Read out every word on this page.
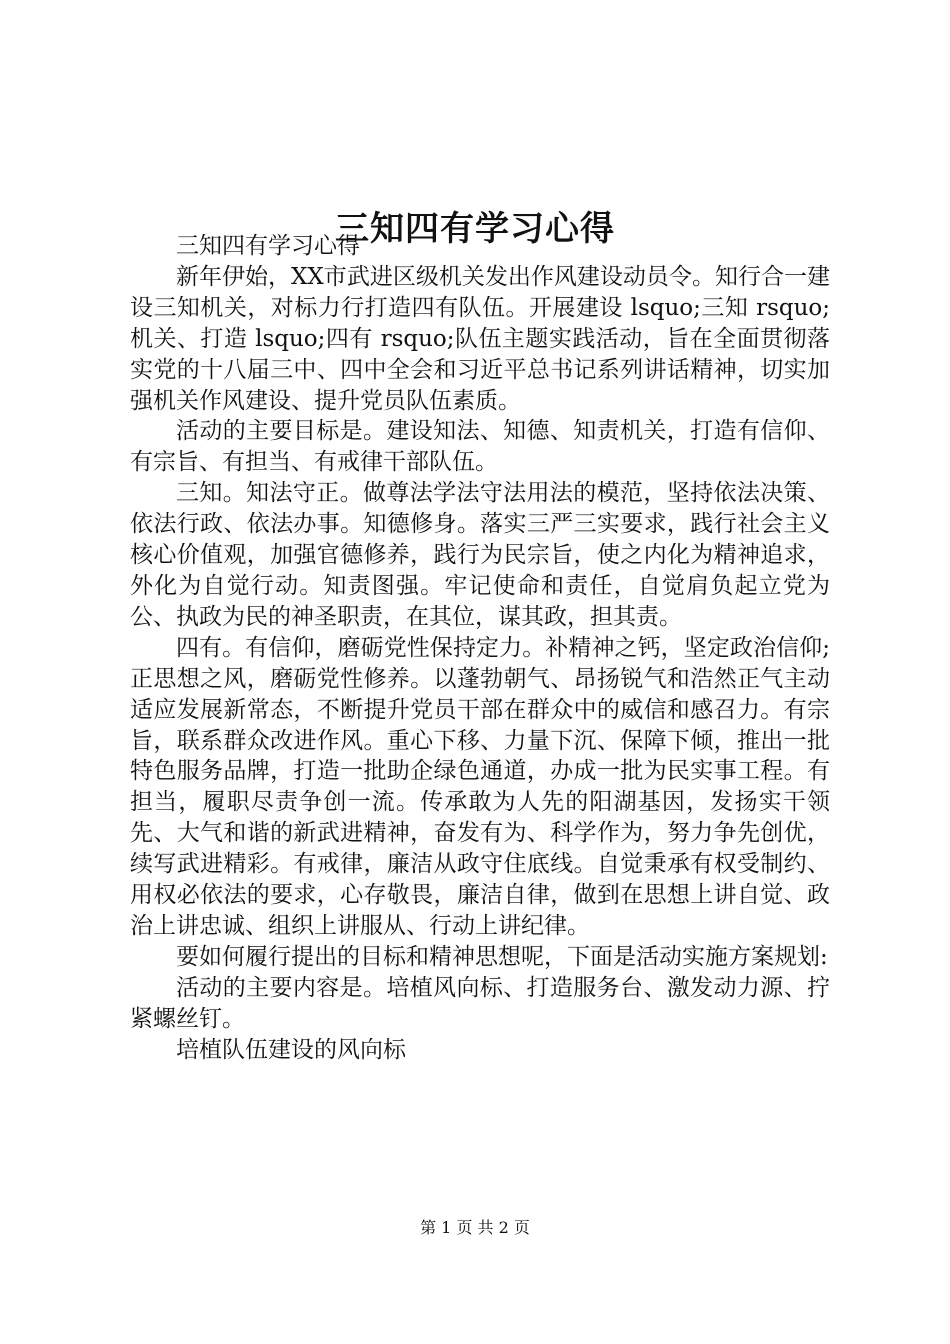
三知四有学习心得

三知四有学习心得

新年伊始，XX市武进区级机关发出作风建设动员令。知行合一建设三知机关，对标力行打造四有队伍。开展建设 lsquo;三知 rsquo;机关、打造 lsquo;四有 rsquo;队伍主题实践活动，旨在全面贯彻落实党的十八届三中、四中全会和习近平总书记系列讲话精神，切实加强机关作风建设、提升党员队伍素质。

活动的主要目标是。建设知法、知德、知责机关，打造有信仰、有宗旨、有担当、有戒律干部队伍。

三知。知法守正。做尊法学法守法用法的模范，坚持依法决策、依法行政、依法办事。知德修身。落实三严三实要求，践行社会主义核心价值观，加强官德修养，践行为民宗旨，使之内化为精神追求，外化为自觉行动。知责图强。牢记使命和责任，自觉肩负起立党为公、执政为民的神圣职责，在其位，谋其政，担其责。

四有。有信仰，磨砺党性保持定力。补精神之钙，坚定政治信仰;正思想之风，磨砺党性修养。以蓬勃朝气、昂扬锐气和浩然正气主动适应发展新常态，不断提升党员干部在群众中的威信和感召力。有宗旨，联系群众改进作风。重心下移、力量下沉、保障下倾，推出一批特色服务品牌，打造一批助企绿色通道，办成一批为民实事工程。有担当，履职尽责争创一流。传承敢为人先的阳湖基因，发扬实干领先、大气和谐的新武进精神，奋发有为、科学作为，努力争先创优，续写武进精彩。有戒律，廉洁从政守住底线。自觉秉承有权受制约、用权必依法的要求，心存敬畏，廉洁自律，做到在思想上讲自觉、政治上讲忠诚、组织上讲服从、行动上讲纪律。

要如何履行提出的目标和精神思想呢，下面是活动实施方案规划:

活动的主要内容是。培植风向标、打造服务台、激发动力源、拧紧螺丝钉。

培植队伍建设的风向标

第 1 页 共 2 页
